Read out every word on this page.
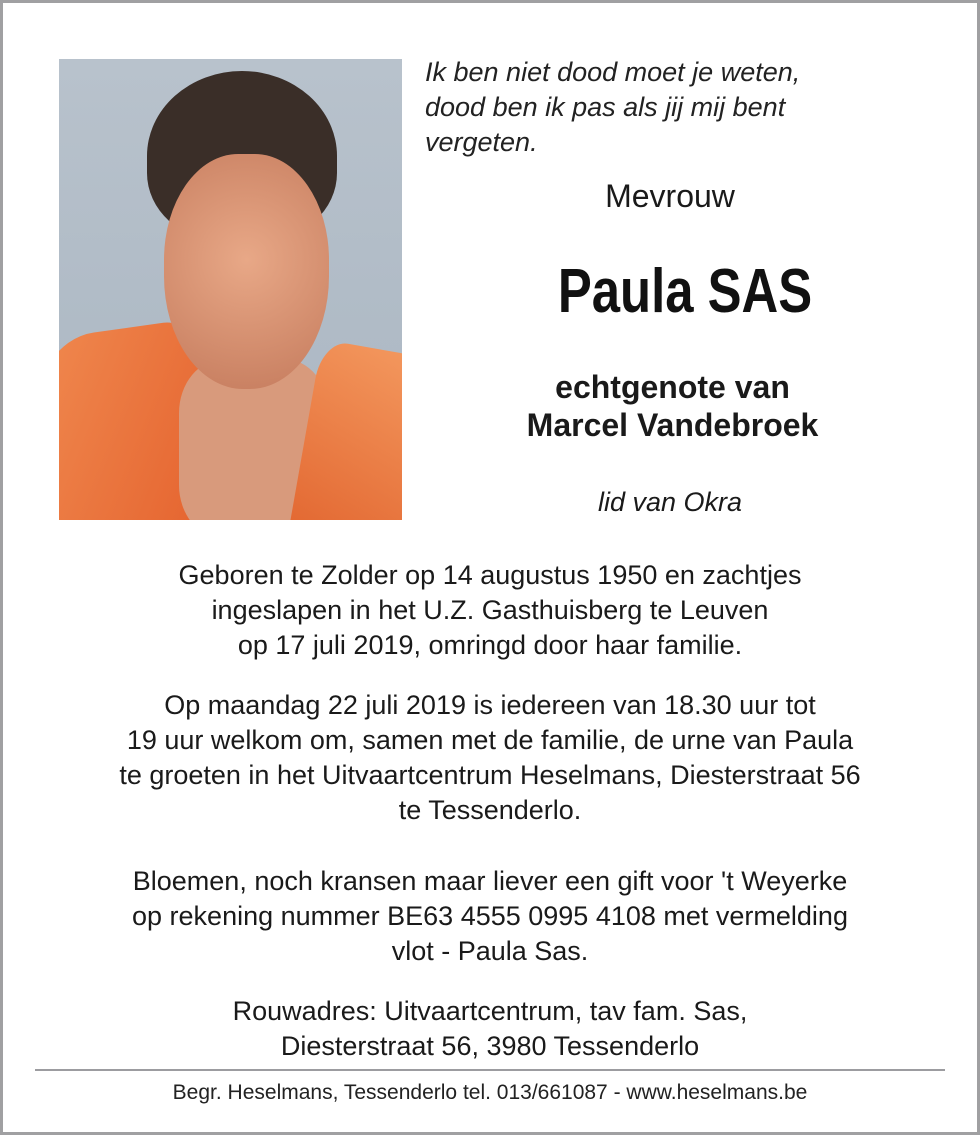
Ik ben niet dood moet je weten,
dood ben ik pas als jij mij bent
vergeten.
Mevrouw
Paula SAS
echtgenote van
Marcel Vandebroek
lid van Okra
Geboren te Zolder op 14 augustus 1950 en zachtjes
ingeslapen in het U.Z. Gasthuisberg te Leuven
op 17 juli 2019, omringd door haar familie.
Op maandag 22 juli 2019 is iedereen van 18.30 uur tot
19 uur welkom om, samen met de familie, de urne van Paula
te groeten in het Uitvaartcentrum Heselmans, Diesterstraat 56
te Tessenderlo.
Bloemen, noch kransen maar liever een gift voor 't Weyerke
op rekening nummer BE63 4555 0995 4108 met vermelding
vlot - Paula Sas.
Rouwadres: Uitvaartcentrum, tav fam. Sas,
Diesterstraat 56, 3980 Tessenderlo
Begr. Heselmans, Tessenderlo tel. 013/661087 - www.heselmans.be
